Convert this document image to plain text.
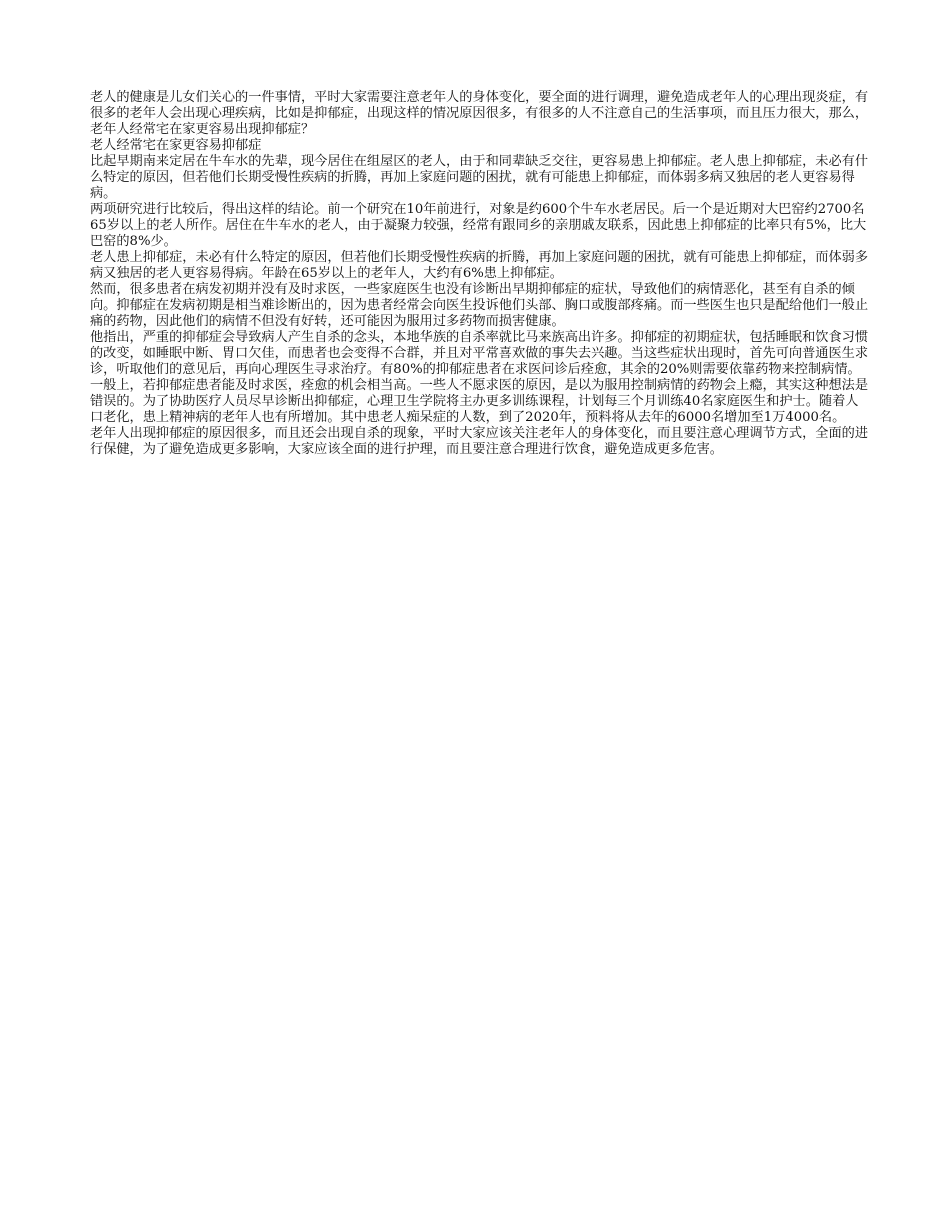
老人的健康是儿女们关心的一件事情，平时大家需要注意老年人的身体变化，要全面的进行调理，避免造成老年人的心理出现炎症，有很多的老年人会出现心理疾病，比如是抑郁症，出现这样的情况原因很多，有很多的人不注意自己的生活事项，而且压力很大，那么，老年人经常宅在家更容易出现抑郁症？

老人经常宅在家更容易抑郁症

比起早期南来定居在牛车水的先辈，现今居住在组屋区的老人，由于和同辈缺乏交往，更容易患上抑郁症。老人患上抑郁症，未必有什么特定的原因，但若他们长期受慢性疾病的折腾，再加上家庭问题的困扰，就有可能患上抑郁症，而体弱多病又独居的老人更容易得病。

两项研究进行比较后，得出这样的结论。前一个研究在10年前进行，对象是约600个牛车水老居民。后一个是近期对大巴窑约2700名65岁以上的老人所作。居住在牛车水的老人，由于凝聚力较强，经常有跟同乡的亲朋戚友联系，因此患上抑郁症的比率只有5%，比大巴窑的8%少。

老人患上抑郁症，未必有什么特定的原因，但若他们长期受慢性疾病的折腾，再加上家庭问题的困扰，就有可能患上抑郁症，而体弱多病又独居的老人更容易得病。年龄在65岁以上的老年人，大约有6%患上抑郁症。

然而，很多患者在病发初期并没有及时求医，一些家庭医生也没有诊断出早期抑郁症的症状，导致他们的病情恶化，甚至有自杀的倾向。抑郁症在发病初期是相当难诊断出的，因为患者经常会向医生投诉他们头部、胸口或腹部疼痛。而一些医生也只是配给他们一般止痛的药物，因此他们的病情不但没有好转，还可能因为服用过多药物而损害健康。

他指出，严重的抑郁症会导致病人产生自杀的念头，本地华族的自杀率就比马来族高出许多。抑郁症的初期症状，包括睡眠和饮食习惯的改变，如睡眠中断、胃口欠佳，而患者也会变得不合群，并且对平常喜欢做的事失去兴趣。当这些症状出现时，首先可向普通医生求诊，听取他们的意见后，再向心理医生寻求治疗。有80%的抑郁症患者在求医问诊后痊愈，其余的20%则需要依靠药物来控制病情。

一般上，若抑郁症患者能及时求医，痊愈的机会相当高。一些人不愿求医的原因，是以为服用控制病情的药物会上瘾，其实这种想法是错误的。为了协助医疗人员尽早诊断出抑郁症，心理卫生学院将主办更多训练课程，计划每三个月训练40名家庭医生和护士。随着人口老化，患上精神病的老年人也有所增加。其中患老人痴呆症的人数，到了2020年，预料将从去年的6000名增加至1万4000名。

老年人出现抑郁症的原因很多，而且还会出现自杀的现象，平时大家应该关注老年人的身体变化，而且要注意心理调节方式，全面的进行保健，为了避免造成更多影响，大家应该全面的进行护理，而且要注意合理进行饮食，避免造成更多危害。
